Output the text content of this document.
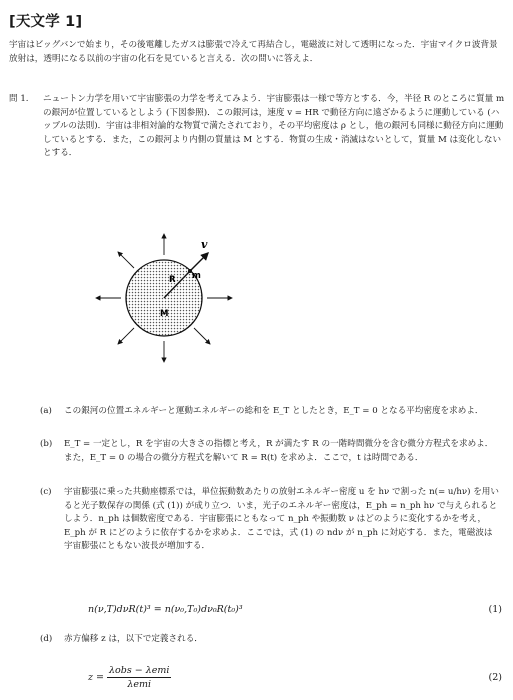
[天文学 1]
宇宙はビッグバンで始まり，その後電離したガスは膨張で冷えて再結合し，電磁波に対して透明になった．宇宙マイクロ波背景放射は，透明になる以前の宇宙の化石を見ていると言える．次の問いに答えよ．
問 1.	ニュートン力学を用いて宇宙膨張の力学を考えてみよう．宇宙膨張は一様で等方とする．今，半径 R のところに質量 m の銀河が位置しているとしよう (下図参照)．この銀河は，速度 v = HR で動径方向に遠ざかるように運動している (ハッブルの法則)．宇宙は非相対論的な物質で満たされており，その平均密度は ρ とし，他の銀河も同様に動径方向に運動しているとする．また，この銀河より内側の質量は M とする．物質の生成・消滅はないとして，質量 M は変化しないとする．
v
R m
M
(a)	この銀河の位置エネルギーと運動エネルギーの総和を E_T としたとき，E_T = 0 となる平均密度を求めよ．
(b)	E_T = 一定とし，R を宇宙の大きさの指標と考え，R が満たす R の一階時間微分を含む微分方程式を求めよ．また，E_T = 0 の場合の微分方程式を解いて R = R(t) を求めよ．ここで，t は時間である．
(c)	宇宙膨張に乗った共動座標系では，単位振動数あたりの放射エネルギー密度 u を hν で割った n(= u/hν) を用いると光子数保存の関係 (式 (1)) が成り立つ．いま，光子のエネルギー密度は，E_ph = n_ph hν で与えられるとしよう．n_ph は個数密度である．宇宙膨張にともなって n_ph や振動数 ν はどのように変化するかを考え，E_ph が R にどのように依存するかを求めよ．ここでは，式 (1) の ndν が n_ph に対応する．また，電磁波は宇宙膨張にともない波長が増加する．
n(ν,T)dνR(t)³ = n(ν₀,T₀)dν₀R(t₀)³	(1)
(d)	赤方偏移 z は，以下で定義される．
$z = \frac{\text{λobs − λemi}}{\text{λemi}}$	(2)
